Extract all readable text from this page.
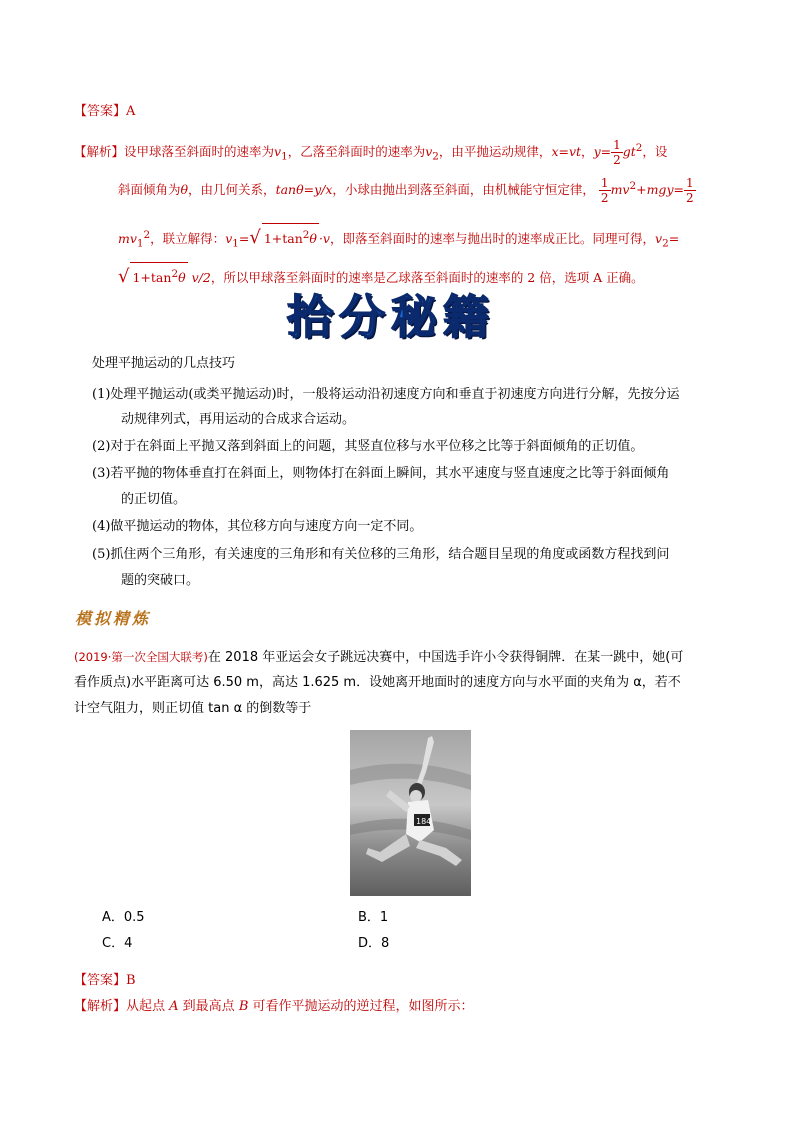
【答案】A
【解析】设甲球落至斜面时的速率为$v_1$，乙落至斜面时的速率为$v_2$，由平抛运动规律，x=vt，$y= \frac{1}{2} gt^2$，设
斜面倾角为θ，由几何关系，tanθ=y/x，小球由抛出到落至斜面，由机械能守恒定律， $\frac{1}{2} mv^2+mgy= \frac{1}{2}$
$mv_1^2$，联立解得：$v_1=√$ $1+\tan^2\theta \cdot v$，即落至斜面时的速率与抛出时的速率成正比。同理可得，$v_2=$
√ $1+\tan^2\theta$ v/2，所以甲球落至斜面时的速率是乙球落至斜面时的速率的 2 倍，选项 A 正确。
拾分秘籍
处理平抛运动的几点技巧
(1)处理平抛运动(或类平抛运动)时，一般将运动沿初速度方向和垂直于初速度方向进行分解，先按分运
动规律列式，再用运动的合成求合运动。
(2)对于在斜面上平抛又落到斜面上的问题，其竖直位移与水平位移之比等于斜面倾角的正切值。
(3)若平抛的物体垂直打在斜面上，则物体打在斜面上瞬间，其水平速度与竖直速度之比等于斜面倾角
的正切值。
(4)做平抛运动的物体，其位移方向与速度方向一定不同。
(5)抓住两个三角形，有关速度的三角形和有关位移的三角形，结合题目呈现的角度或函数方程找到问
题的突破口。
模拟精炼
(2019·第一次全国大联考)在 2018 年亚运会女子跳远决赛中，中国选手许小令获得铜牌．在某一跳中，她(可
看作质点)水平距离可达 6.50 m，高达 1.625 m．设她离开地面时的速度方向与水平面的夹角为 α，若不
计空气阻力，则正切值 tan α 的倒数等于
184
A．0.5	B．1
C．4	D．8
【答案】B
【解析】从起点 A 到最高点 B 可看作平抛运动的逆过程，如图所示：
